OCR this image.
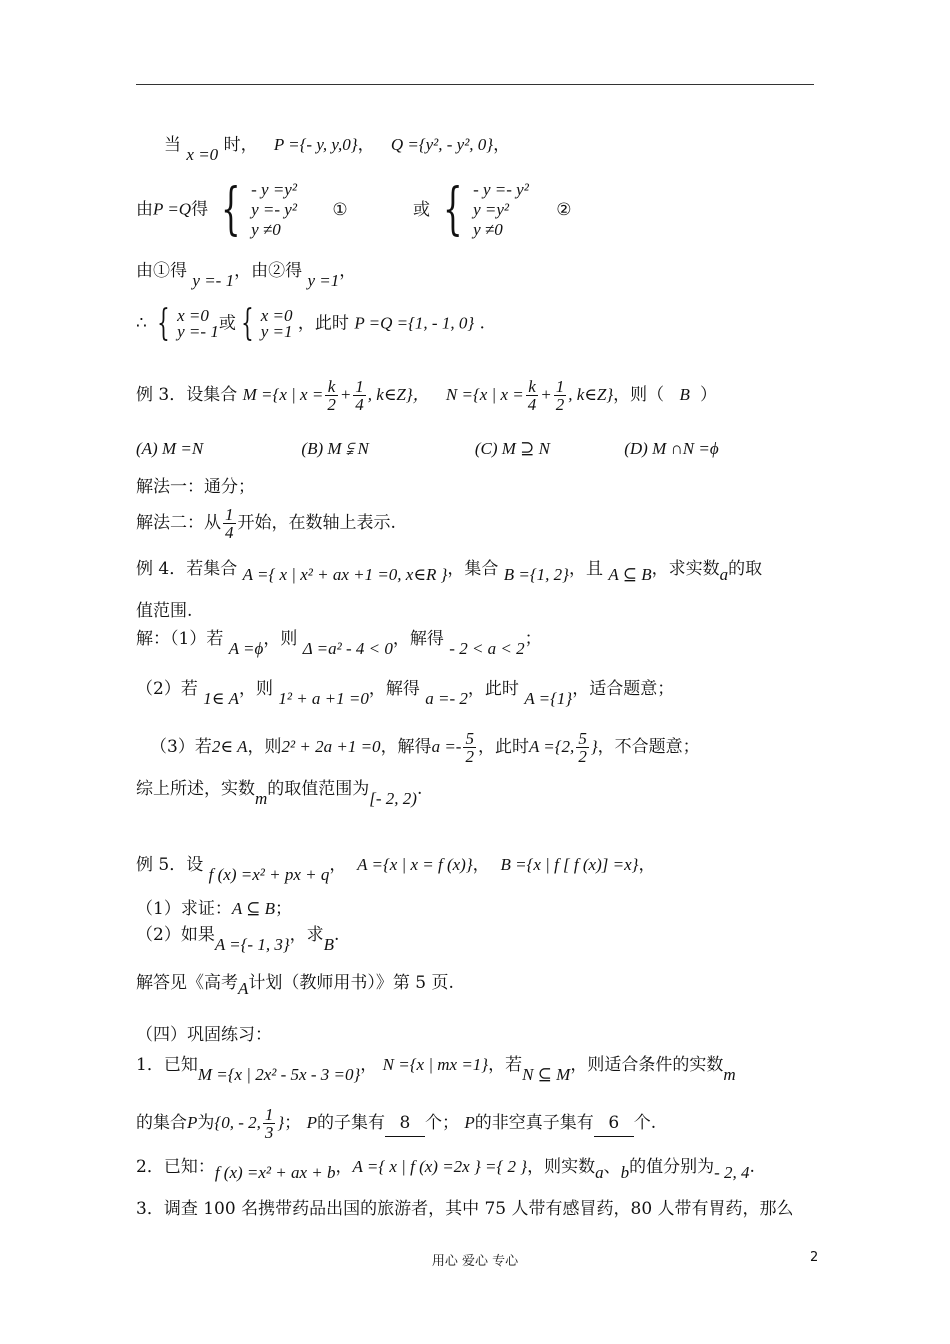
当 x =0 时， P ={- y, y,0}， Q ={y², - y², 0}，
由P =Q得 { - y =y²
y =- y²
y ≠0
①	或 { - y =- y²
y =y²
y ≠0
②
由①得 y =- 1，由②得 y =1，
∴ { x =0
y =- 1 或 { x =0
y =1 ，此时 P =Q ={1, - 1, 0} .
例 3．设集合 M ={x | $x = \frac{k}{2} + \frac{1}{4}$ , k∈Z}， N ={x | $x = \frac{k}{4} + \frac{1}{2}$ , k∈Z}，则（ B ）
(A) M =N	(B) M ⫋ N	(C) M ⊇ N	(D) M ∩N =ϕ
解法一：通分；
解法二：从 $\frac{1}{4}$ 开始，在数轴上表示.
例 4．若集合 A ={ x | x² + ax +1 =0, x∈R }，集合 B ={1, 2}，且 A ⊆ B，求实数a的取
值范围.
解：（1）若 A =ϕ，则 Δ =a² - 4 < 0，解得 - 2 < a < 2；
（2）若 1∈ A，则 1² + a +1 =0，解得 a =- 2，此时 A ={1}，适合题意；
（3）若2∈ A，则2² + 2a +1 =0，解得$a =- \frac{5}{2}$ ，此时A ={2, $\frac{5}{2}$ }，不合题意；
综上所述，实数m的取值范围为[- 2, 2).
例 5．设 f (x) =x² + px + q， A ={x | x = f (x)}， B ={x | f [ f (x)] =x}，
（1）求证：A ⊆ B；
（2）如果A ={- 1, 3}，求B.
解答见《高考A计划（教师用书）》第 5 页.
（四）巩固练习：
1．已知M ={x | 2x² - 5x - 3 =0}， N ={x | mx =1}，若N ⊆ M，则适合条件的实数m
的集合P为{0, - 2, $\frac{1}{3}$ }； P的子集有 8 个； P的非空真子集有 6 个.
2．已知：f (x) =x² + ax + b，A ={ x | f (x) =2x } ={ 2 }，则实数a、b的值分别为- 2, 4.
3．调查 100 名携带药品出国的旅游者，其中 75 人带有感冒药，80 人带有胃药，那么
用心 爱心 专心	2
